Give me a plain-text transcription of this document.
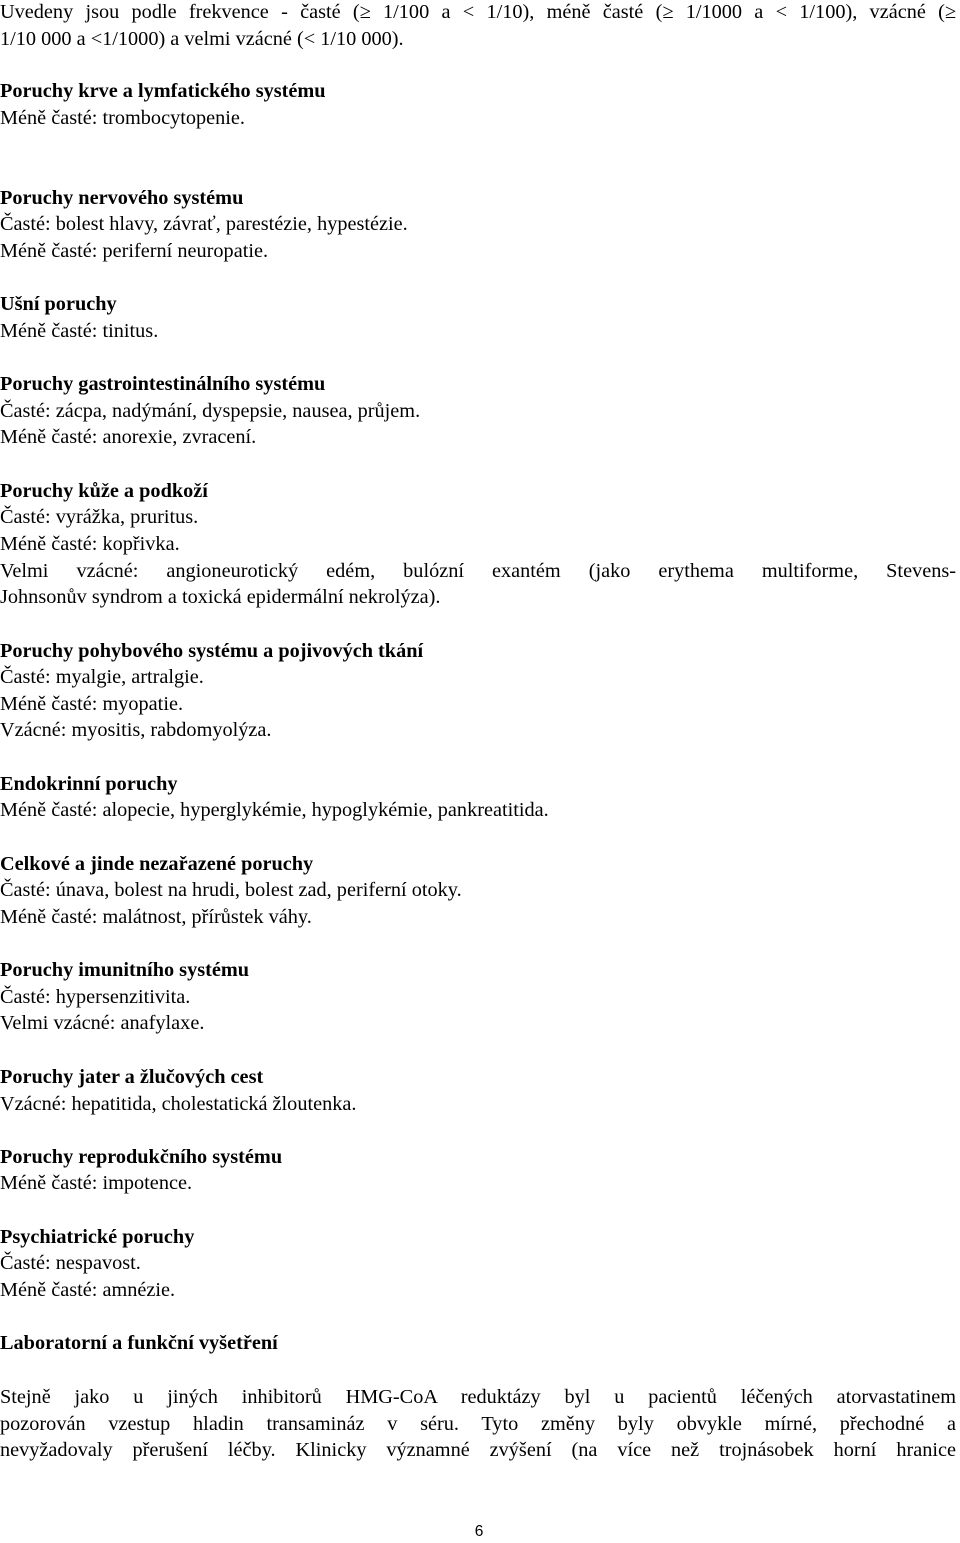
Uvedeny jsou podle frekvence - časté (≥ 1/100 a < 1/10), méně časté (≥ 1/1000 a < 1/100), vzácné (≥
1/10 000 a <1/1000) a velmi vzácné (< 1/10 000).
Poruchy krve a lymfatického systému
Méně časté: trombocytopenie.
Poruchy nervového systému
Časté: bolest hlavy, závrať, parestézie, hypestézie.
Méně časté: periferní neuropatie.
Ušní poruchy
Méně časté: tinitus.
Poruchy gastrointestinálního systému
Časté: zácpa, nadýmání, dyspepsie, nausea, průjem.
Méně časté: anorexie, zvracení.
Poruchy kůže a podkoží
Časté: vyrážka, pruritus.
Méně časté: kopřivka.
Velmi vzácné: angioneurotický edém, bulózní exantém (jako erythema multiforme, Stevens-
Johnsonův syndrom a toxická epidermální nekrolýza).
Poruchy pohybového systému a pojivových tkání
Časté: myalgie, artralgie.
Méně časté: myopatie.
Vzácné: myositis, rabdomyolýza.
Endokrinní poruchy
Méně časté: alopecie, hyperglykémie, hypoglykémie, pankreatitida.
Celkové a jinde nezařazené poruchy
Časté: únava, bolest na hrudi, bolest zad, periferní otoky.
Méně časté: malátnost, přírůstek váhy.
Poruchy imunitního systému
Časté: hypersenzitivita.
Velmi vzácné: anafylaxe.
Poruchy jater a žlučových cest
Vzácné: hepatitida, cholestatická žloutenka.
Poruchy reprodukčního systému
Méně časté: impotence.
Psychiatrické poruchy
Časté: nespavost.
Méně časté: amnézie.
Laboratorní a funkční vyšetření
Stejně jako u jiných inhibitorů HMG-CoA reduktázy byl u pacientů léčených atorvastatinem
pozorován vzestup hladin transamináz v séru. Tyto změny byly obvykle mírné, přechodné a
nevyžadovaly přerušení léčby. Klinicky významné zvýšení (na více než trojnásobek horní hranice
6
